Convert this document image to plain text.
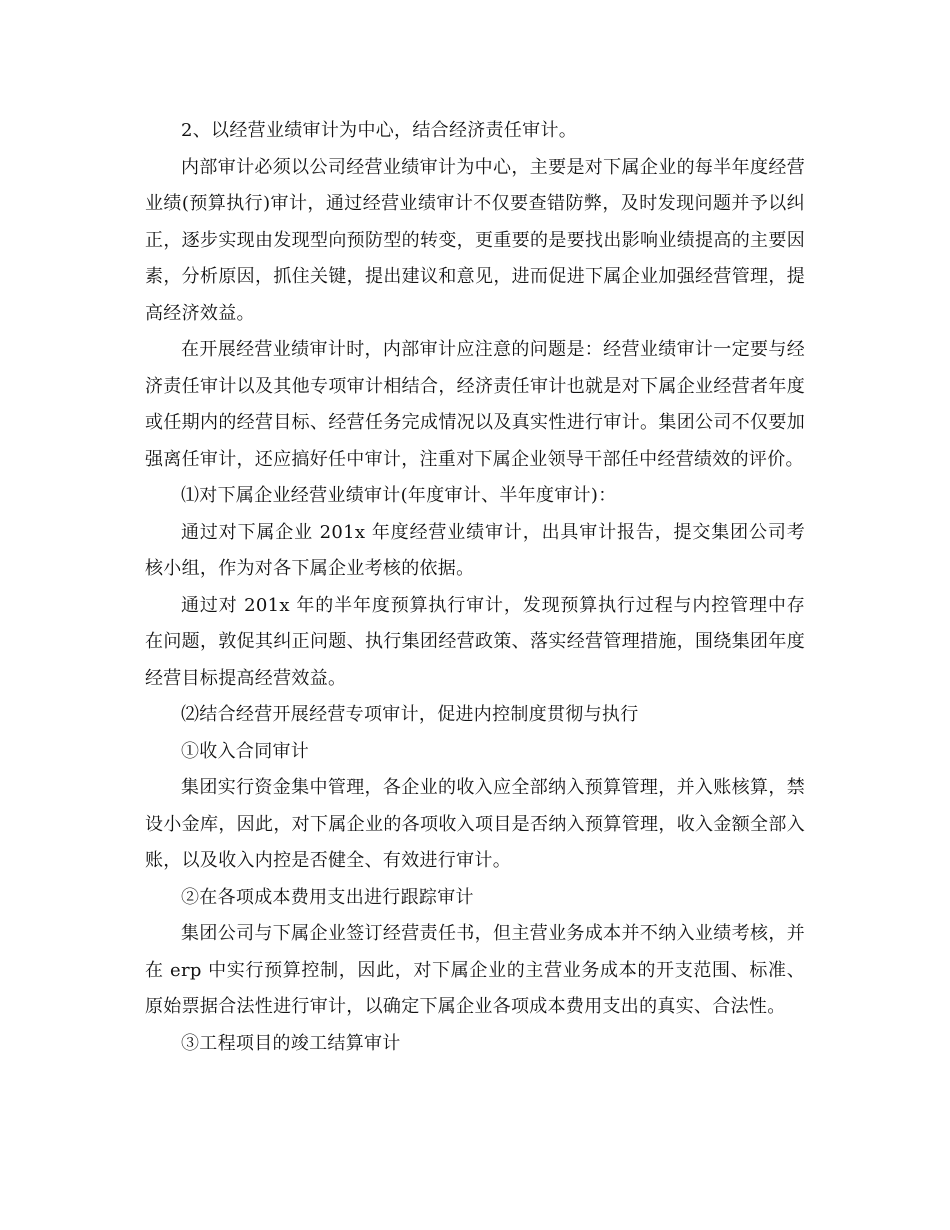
2、以经营业绩审计为中心，结合经济责任审计。

内部审计必须以公司经营业绩审计为中心，主要是对下属企业的每半年度经营业绩(预算执行)审计，通过经营业绩审计不仅要查错防弊，及时发现问题并予以纠正，逐步实现由发现型向预防型的转变，更重要的是要找出影响业绩提高的主要因素，分析原因，抓住关键，提出建议和意见，进而促进下属企业加强经营管理，提高经济效益。

在开展经营业绩审计时，内部审计应注意的问题是：经营业绩审计一定要与经济责任审计以及其他专项审计相结合，经济责任审计也就是对下属企业经营者年度或任期内的经营目标、经营任务完成情况以及真实性进行审计。集团公司不仅要加强离任审计，还应搞好任中审计，注重对下属企业领导干部任中经营绩效的评价。

⑴对下属企业经营业绩审计(年度审计、半年度审计)：

通过对下属企业 201x 年度经营业绩审计，出具审计报告，提交集团公司考核小组，作为对各下属企业考核的依据。

通过对 201x 年的半年度预算执行审计，发现预算执行过程与内控管理中存在问题，敦促其纠正问题、执行集团经营政策、落实经营管理措施，围绕集团年度经营目标提高经营效益。

⑵结合经营开展经营专项审计，促进内控制度贯彻与执行

①收入合同审计

集团实行资金集中管理，各企业的收入应全部纳入预算管理，并入账核算，禁设小金库，因此，对下属企业的各项收入项目是否纳入预算管理，收入金额全部入账，以及收入内控是否健全、有效进行审计。

②在各项成本费用支出进行跟踪审计

集团公司与下属企业签订经营责任书，但主营业务成本并不纳入业绩考核，并在 erp 中实行预算控制，因此，对下属企业的主营业务成本的开支范围、标准、原始票据合法性进行审计，以确定下属企业各项成本费用支出的真实、合法性。

③工程项目的竣工结算审计
